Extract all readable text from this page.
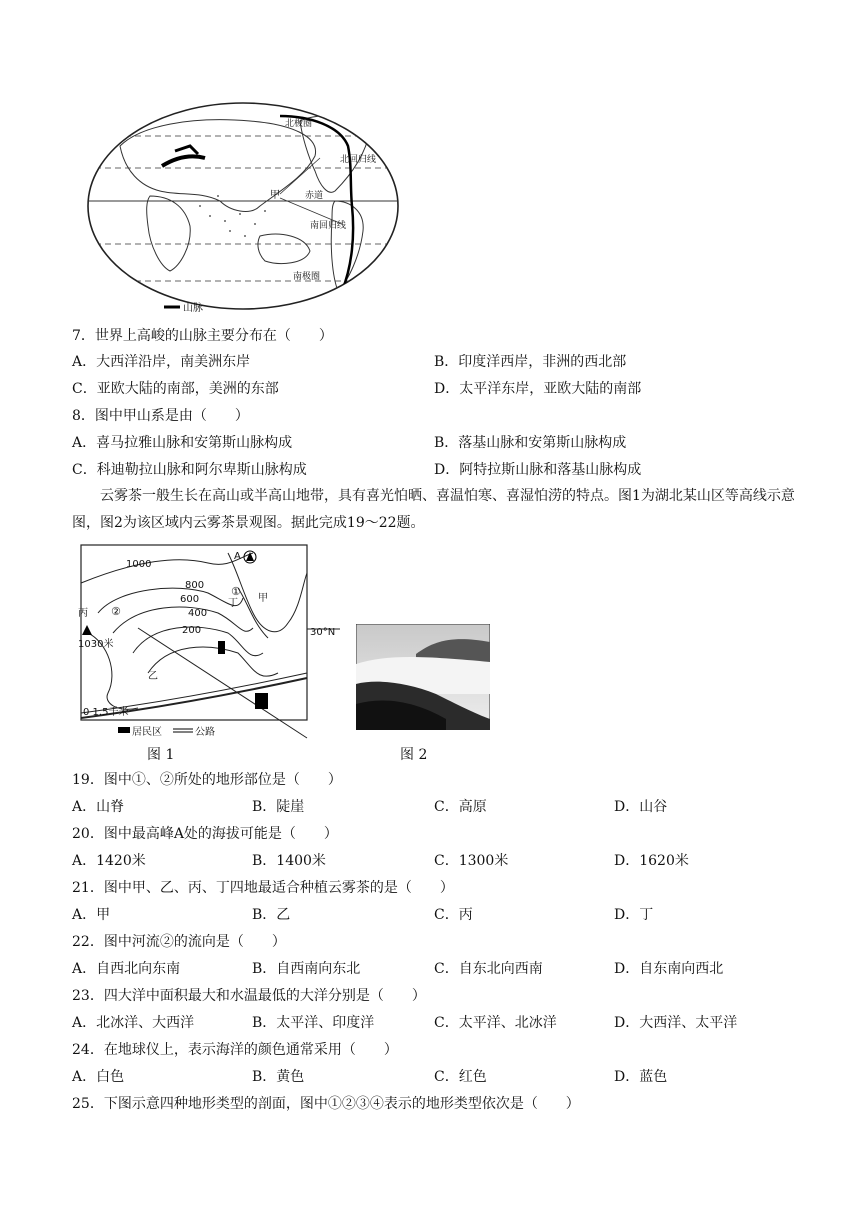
北极圈
北回归线
甲	赤道
南回归线
南极圈
山脉
7．世界上高峻的山脉主要分布在（　　）
A．大西洋沿岸，南美洲东岸	B．印度洋西岸，非洲的西北部
C．亚欧大陆的南部，美洲的东部	D．太平洋东岸，亚欧大陆的南部
8．图中甲山系是由（　　）
A．喜马拉雅山脉和安第斯山脉构成	B．落基山脉和安第斯山脉构成
C．科迪勒拉山脉和阿尔卑斯山脉构成	D．阿特拉斯山脉和落基山脉构成
云雾茶一般生长在高山或半高山地带，具有喜光怕晒、喜温怕寒、喜湿怕涝的特点。图1为湖北某山区等高线示意图，图2为该区域内云雾茶景观图。据此完成19～22题。
A
1000
800
600
400
200
①
②
甲
丁
丙
乙
1030米
30°N
0 1.5千米
居民区	公路
图 1	图 2
19．图中①、②所处的地形部位是（　　）
A．山脊	B．陡崖	C．高原	D．山谷
20．图中最高峰A处的海拔可能是（　　）
A．1420米	B．1400米	C．1300米	D．1620米
21．图中甲、乙、丙、丁四地最适合种植云雾茶的是（　　）
A．甲	B．乙	C．丙	D．丁
22．图中河流②的流向是（　　）
A．自西北向东南	B．自西南向东北	C．自东北向西南	D．自东南向西北
23．四大洋中面积最大和水温最低的大洋分别是（　　）
A．北冰洋、大西洋	B．太平洋、印度洋	C．太平洋、北冰洋	D．大西洋、太平洋
24．在地球仪上，表示海洋的颜色通常采用（　　）
A．白色	B．黄色	C．红色	D．蓝色
25．下图示意四种地形类型的剖面，图中①②③④表示的地形类型依次是（　　）
